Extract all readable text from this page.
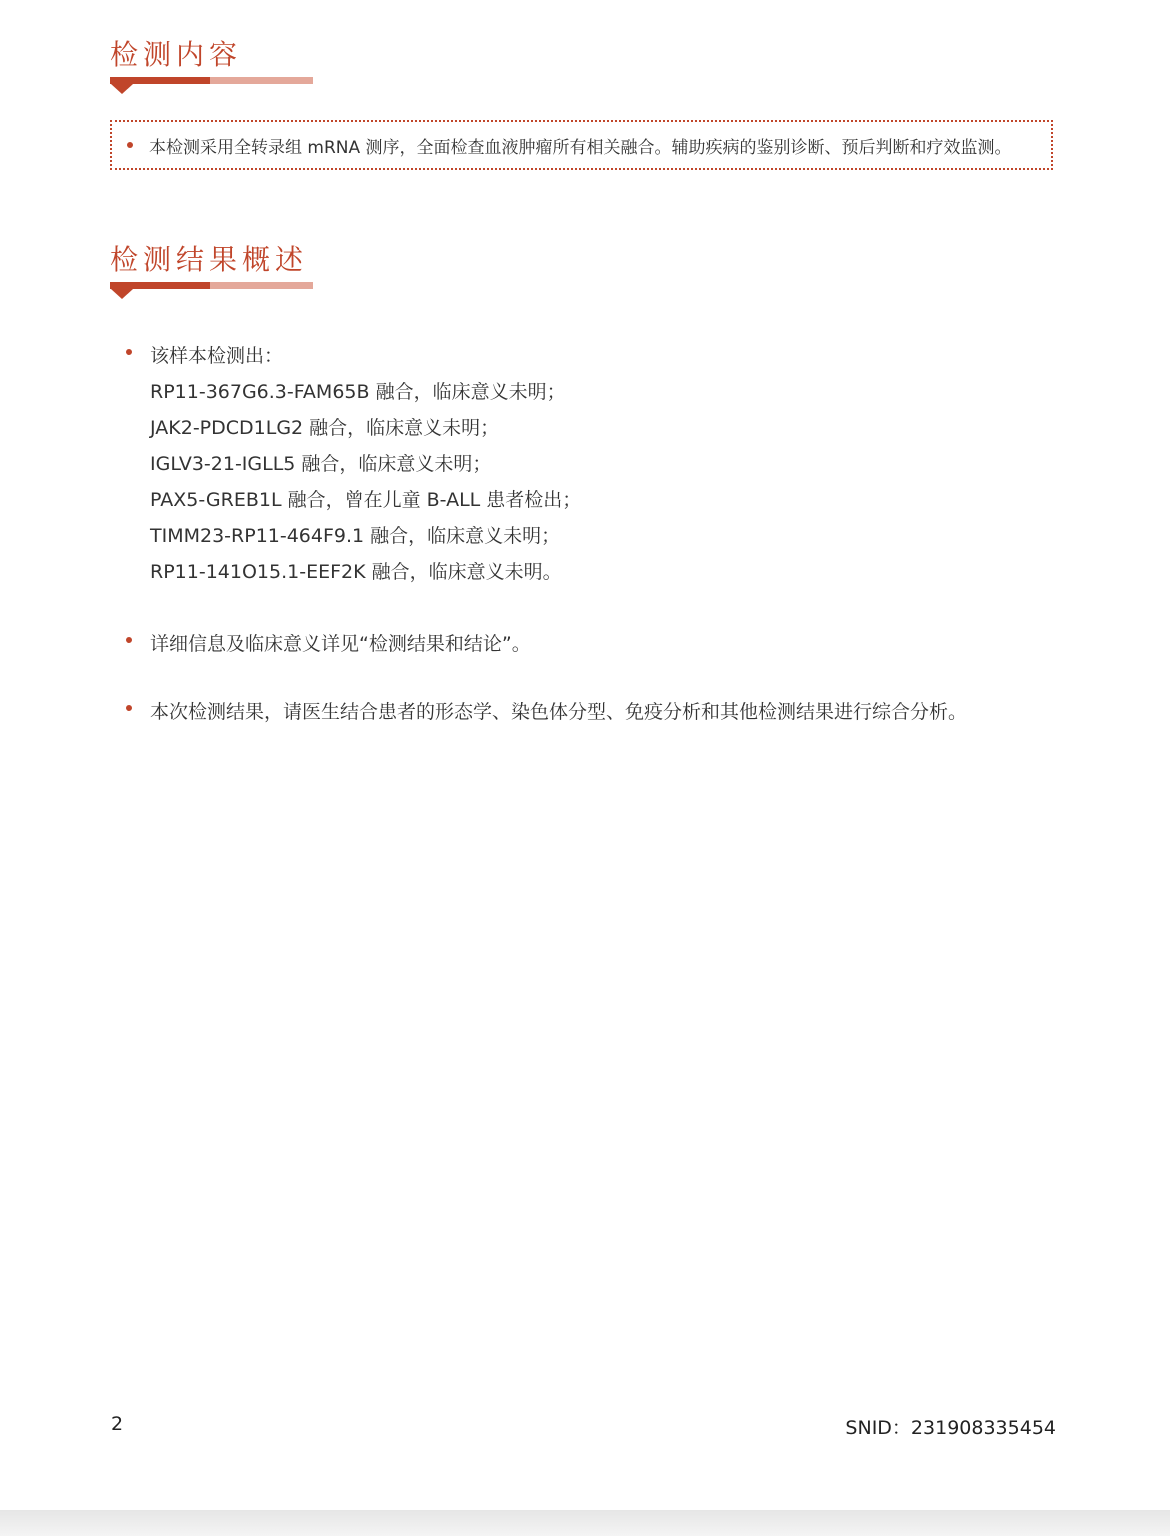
检测内容
本检测采用全转录组 mRNA 测序，全面检查血液肿瘤所有相关融合。辅助疾病的鉴别诊断、预后判断和疗效监测。
检测结果概述
该样本检测出：
RP11-367G6.3-FAM65B 融合，临床意义未明；
JAK2-PDCD1LG2 融合，临床意义未明；
IGLV3-21-IGLL5 融合，临床意义未明；
PAX5-GREB1L 融合，曾在儿童 B-ALL 患者检出；
TIMM23-RP11-464F9.1 融合，临床意义未明；
RP11-141O15.1-EEF2K 融合，临床意义未明。
详细信息及临床意义详见“检测结果和结论”。
本次检测结果，请医生结合患者的形态学、染色体分型、免疫分析和其他检测结果进行综合分析。
2	SNID：231908335454
